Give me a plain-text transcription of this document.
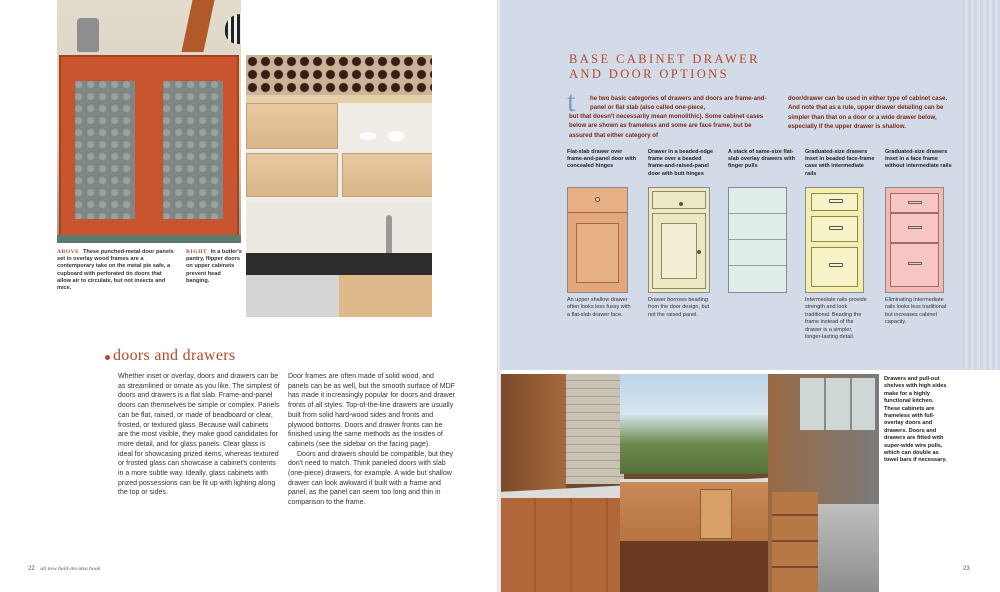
ABOVE These punched-metal door panels set in overlay wood frames are a contemporary take on the metal pie safe, a cupboard with perforated tin doors that allow air to circulate, but not insects and mice.
RIGHT In a butler's pantry, flipper doors on upper cabinets prevent head banging.
doors and drawers

Whether inset or overlay, doors and drawers can be as streamlined or ornate as you like. The simplest of doors and drawers is a flat slab. Frame-and-panel doors can themselves be simple or complex. Panels can be flat, raised, or made of beadboard or clear, frosted, or textured glass. Because wall cabinets are the most visible, they make good candidates for more detail, and for glass panels. Clear glass is ideal for showcasing prized items, whereas textured or frosted glass can showcase a cabinet's contents in a more subtle way. Ideally, glass cabinets with prized possessions can be fit up with lighting along the top or sides.

Door frames are often made of solid wood, and panels can be as well, but the smooth surface of MDF has made it increasingly popular for doors and drawer fronts of all styles. Top-of-the-line drawers are usually built from solid hard-wood sides and fronts and plywood bottoms. Doors and drawer fronts can be finished using the same methods as the insides of cabinets (see the sidebar on the facing page).

Doors and drawers should be compatible, but they don't need to match. Think paneled doors with slab (one-piece) drawers, for example. A wide but shallow drawer can look awkward if built with a frame and panel, as the panel can seem too long and thin in comparison to the frame.

22 all new built-ins idea book
BASE CABINET DRAWER
AND DOOR OPTIONS
t he two basic categories of drawers and doors are frame-and-panel or flat slab (also called one-piece,
but that doesn't necessarily mean monolithic). Some cabinet cases below are shown as frameless and some are face frame, but be assured that either category of
door/drawer can be used in either type of cabinet case. And note that as a rule, upper drawer detailing can be simpler than that on a door or a wide drawer below, especially if the upper drawer is shallow.
Flat-slab drawer over frame-and-panel door with concealed hinges
Drawer in a beaded-edge frame over a beaded frame-and-raised-panel door with butt hinges
A stack of same-size flat-slab overlay drawers with finger pulls
Graduated-size drawers inset in beaded face-frame case with intermediate rails
Graduated-size drawers inset in a face frame without intermediate rails
An upper shallow drawer often looks less fussy with a flat-slab drawer face.
Drawer borrows beading from the door design, but not the raised panel.
Intermediate rails provide strength and look traditional. Beading the frame instead of the drawer is a simpler, longer-lasting detail.
Eliminating intermediate rails looks less traditional but increases cabinet capacity.
Drawers and pull-out shelves with high sides make for a highly functional kitchen. These cabinets are frameless with full-overlay doors and drawers. Doors and drawers are fitted with super-wide wire pulls, which can double as towel bars if necessary.
23
